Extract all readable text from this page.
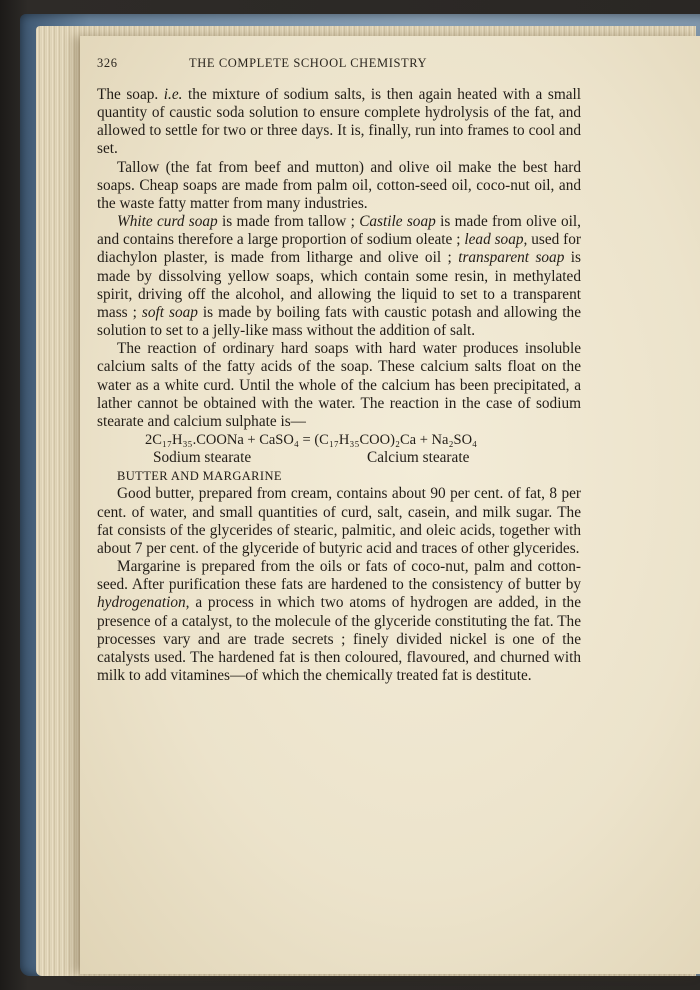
326	THE COMPLETE SCHOOL CHEMISTRY

The soap. i.e. the mixture of sodium salts, is then again heated with a small quantity of caustic soda solution to ensure complete hydrolysis of the fat, and allowed to settle for two or three days. It is, finally, run into frames to cool and set.

Tallow (the fat from beef and mutton) and olive oil make the best hard soaps. Cheap soaps are made from palm oil, cotton-seed oil, coco-nut oil, and the waste fatty matter from many industries.

White curd soap is made from tallow ; Castile soap is made from olive oil, and contains therefore a large proportion of sodium oleate ; lead soap, used for diachylon plaster, is made from litharge and olive oil ; transparent soap is made by dissolving yellow soaps, which contain some resin, in methylated spirit, driving off the alcohol, and allowing the liquid to set to a transparent mass ; soft soap is made by boiling fats with caustic potash and allowing the solution to set to a jelly-like mass without the addition of salt.

The reaction of ordinary hard soaps with hard water produces insoluble calcium salts of the fatty acids of the soap. These calcium salts float on the water as a white curd. Until the whole of the calcium has been precipitated, a lather cannot be obtained with the water. The reaction in the case of sodium stearate and calcium sulphate is—

2C₁₇H₃₅.COONa + CaSO₄ = (C₁₇H₃₅COO)₂Ca + Na₂SO₄

Sodium stearate	Calcium stearate

BUTTER AND MARGARINE

Good butter, prepared from cream, contains about 90 per cent. of fat, 8 per cent. of water, and small quantities of curd, salt, casein, and milk sugar. The fat consists of the glycerides of stearic, palmitic, and oleic acids, together with about 7 per cent. of the glyceride of butyric acid and traces of other glycerides.

Margarine is prepared from the oils or fats of coco-nut, palm and cotton-seed. After purification these fats are hardened to the consistency of butter by hydrogenation, a process in which two atoms of hydrogen are added, in the presence of a catalyst, to the molecule of the glyceride constituting the fat. The processes vary and are trade secrets ; finely divided nickel is one of the catalysts used. The hardened fat is then coloured, flavoured, and churned with milk to add vitamines—of which the chemically treated fat is destitute.
